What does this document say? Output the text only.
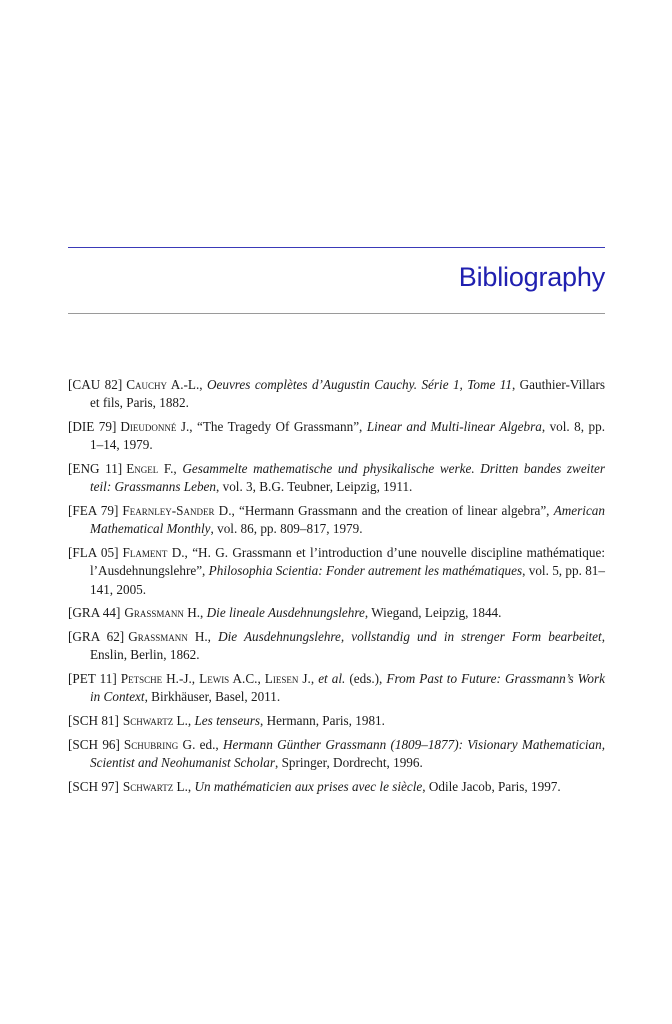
Bibliography

[CAU 82] Cauchy A.-L., Oeuvres complètes d’Augustin Cauchy. Série 1, Tome 11, Gauthier-Villars et fils, Paris, 1882.

[DIE 79] Dieudonné J., “The Tragedy Of Grassmann”, Linear and Multi-linear Algebra, vol. 8, pp. 1–14, 1979.

[ENG 11] Engel F., Gesammelte mathematische und physikalische werke. Dritten bandes zweiter teil: Grassmanns Leben, vol. 3, B.G. Teubner, Leipzig, 1911.

[FEA 79] Fearnley-Sander D., “Hermann Grassmann and the creation of linear algebra”, American Mathematical Monthly, vol. 86, pp. 809–817, 1979.

[FLA 05] Flament D., “H. G. Grassmann et l’introduction d’une nouvelle discipline mathématique: l’Ausdehnungslehre”, Philosophia Scientia: Fonder autrement les mathématiques, vol. 5, pp. 81–141, 2005.

[GRA 44] Grassmann H., Die lineale Ausdehnungslehre, Wiegand, Leipzig, 1844.

[GRA 62] Grassmann H., Die Ausdehnungslehre, vollstandig und in strenger Form bearbeitet, Enslin, Berlin, 1862.

[PET 11] Petsche H.-J., Lewis A.C., Liesen J., et al. (eds.), From Past to Future: Grassmann’s Work in Context, Birkhäuser, Basel, 2011.

[SCH 81] Schwartz L., Les tenseurs, Hermann, Paris, 1981.

[SCH 96] Schubring G. ed., Hermann Günther Grassmann (1809–1877): Visionary Mathematician, Scientist and Neohumanist Scholar, Springer, Dordrecht, 1996.

[SCH 97] Schwartz L., Un mathématicien aux prises avec le siècle, Odile Jacob, Paris, 1997.
